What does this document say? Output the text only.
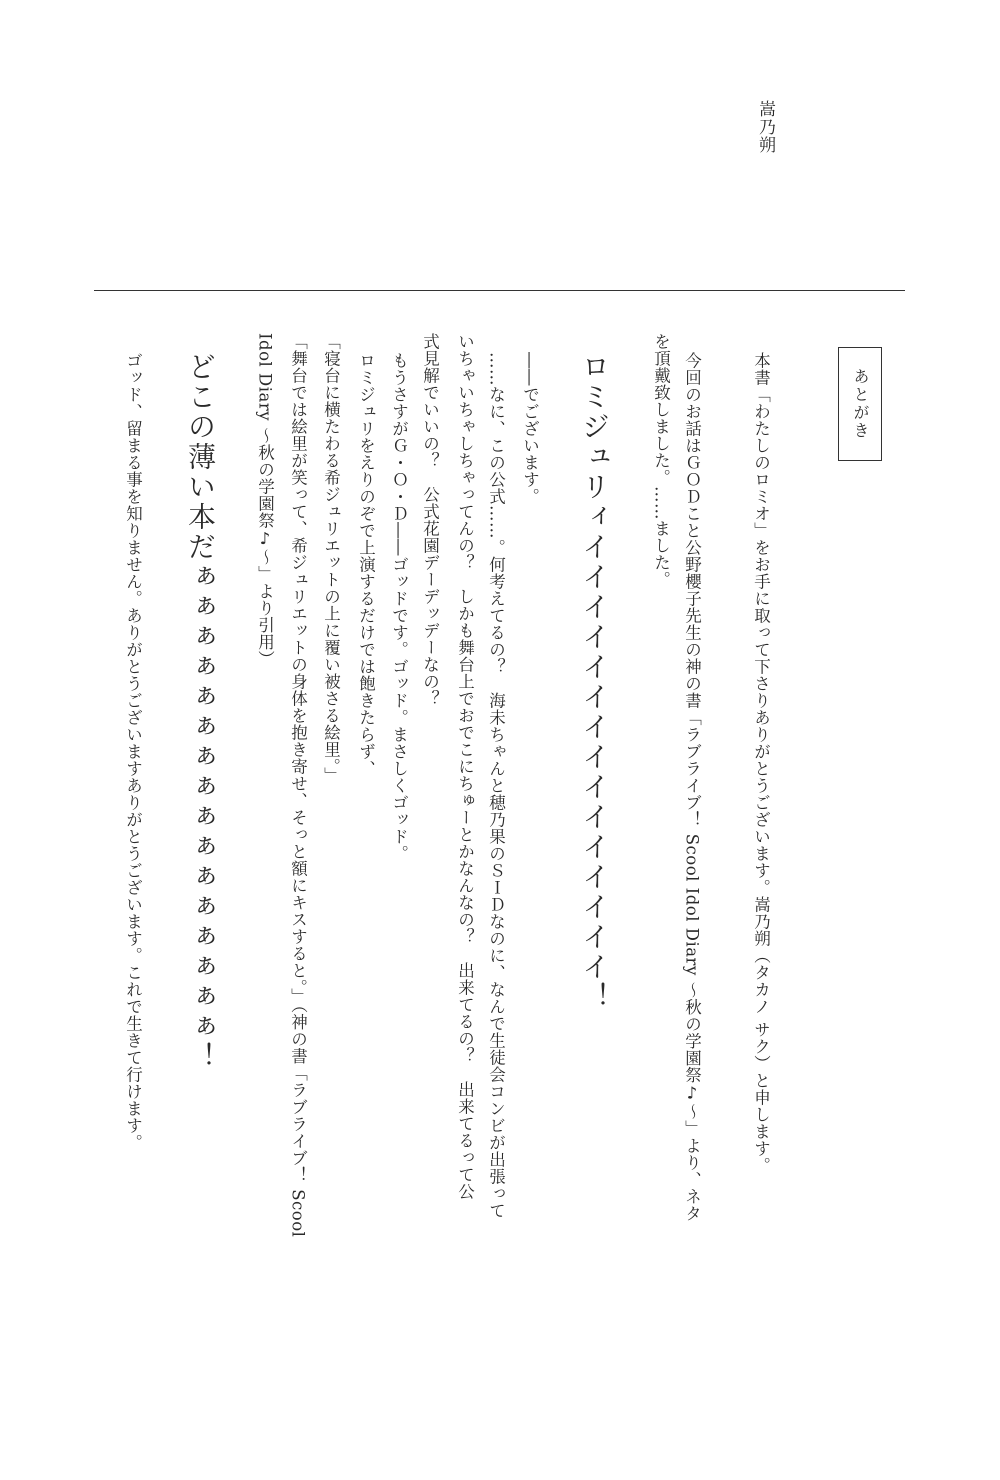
嵩乃朔
あとがき

本書「わたしのロミオ」をお手に取って下さりありがとうございます。嵩乃朔（タカノ サク）と申します。

今回のお話はＧＯＤこと公野櫻子先生の神の書「ラブライブ！ Scool Idol Diary 〜秋の学園祭♪〜」より、ネタ

を頂戴致しました。……ました。

ロミジュリィイイイイイイイイイイイイイイイ！

――でございます。

……なに、この公式……。何考えてるの？　海未ちゃんと穂乃果のＳＩＤなのに、なんで生徒会コンビが出張って

いちゃいちゃしちゃってんの？　しかも舞台上でおでこにちゅーとかなんなの？　出来てるの？　出来てるって公

式見解でいいの？　公式花園デーデッデーなの？

もうさすがＧ・Ｏ・Ｄ――ゴッドです。ゴッド。まさしくゴッド。

ロミジュリをえりのぞで上演するだけでは飽きたらず、

「寝台に横たわる希ジュリエットの上に覆い被さる絵里。」

「舞台では絵里が笑って、希ジュリエットの身体を抱き寄せ、そっと額にキスすると。」（神の書「ラブライブ！ Scool

Idol Diary 〜秋の学園祭♪〜」より引用）

どこの薄い本だぁぁぁぁぁぁぁぁぁぁぁぁぁぁぁぁ！

ゴッド、留まる事を知りません。ありがとうございますありがとうございます。これで生きて行けます。
